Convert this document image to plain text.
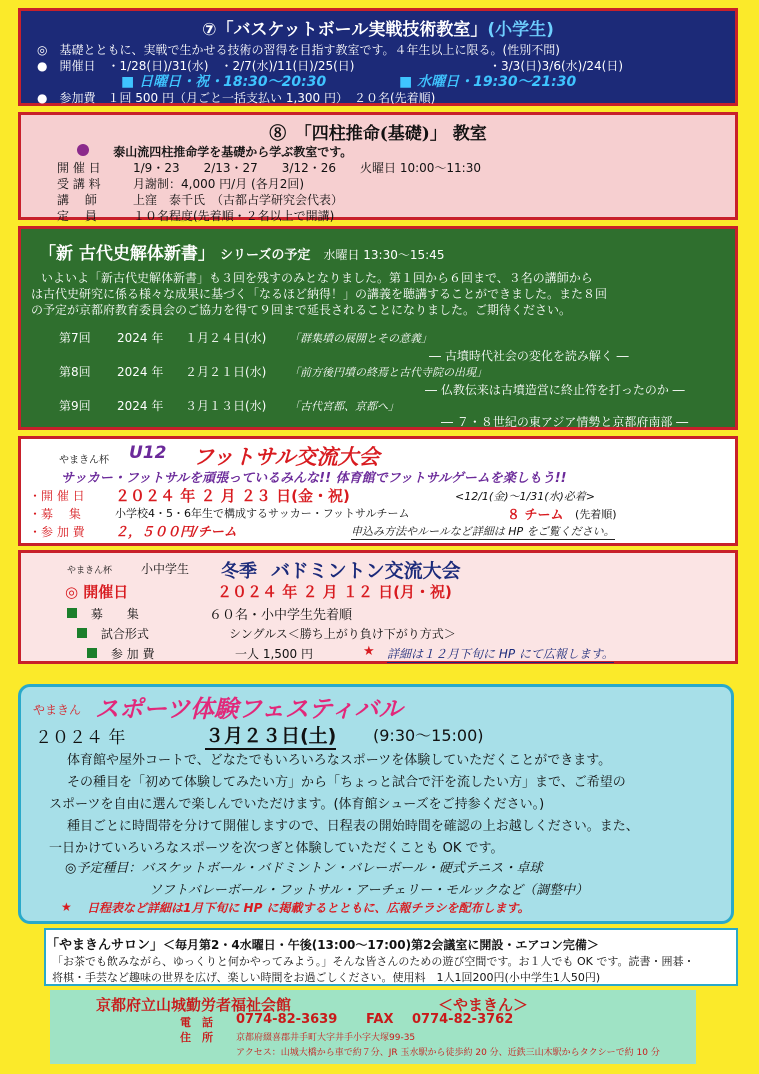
⑦「バスケットボール実戦技術教室」(小学生)
◎　基礎とともに、実戦で生かせる技術の習得を目指す教室です。４年生以上に限る。(性別不問)
●　開催日　・1/28(日)/31(水)　・2/7(水)/11(日)/25(日)	・3/3(日)3/6(水)/24(日)
■ 日曜日・祝・18:30～20:30	■ 水曜日・19:30～21:30
●　参加費　１回 500 円（月ごと一括支払い 1,300 円）　２０名(先着順)
⑧　「四柱推命(基礎)」 教室
泰山流四柱推命学を基礎から学ぶ教室です。
開 催 日	1/9・23　　2/13・27　　3/12・26　　火曜日 10:00～11:30
受 講 料	月謝制：4,000 円/月 (各月2回)
講　 師	上窪　泰千氏　（古都占学研究会代表）
定　 員	１０名程度(先着順・２名以上で開講)
「新 古代史解体新書」 シリーズの予定 水曜日 13:30～15:45
いよいよ「新古代史解体新書」も３回を残すのみとなりました。第１回から６回まで、３名の講師から
は古代史研究に係る様々な成果に基づく「なるほど納得！」の講義を聴講することができました。また８回
の予定が京都府教育委員会のご協力を得て９回まで延長されることになりました。ご期待ください。
第7回 2024 年 １月２４日(水) 「群集墳の展開とその意義」
― 古墳時代社会の変化を読み解く ―
第8回 2024 年 ２月２１日(水) 「前方後円墳の終焉と古代寺院の出現」
― 仏教伝来は古墳造営に終止符を打ったのか ―
第9回 2024 年 ３月１３日(水) 「古代宮都、京都へ」
― ７・８世紀の東アジア情勢と京都府南部 ―
やまきん杯 U12 フットサル交流大会
サッカー・フットサルを頑張っているみんな!! 体育館でフットサルゲームを楽しもう!!
・開 催 日 ２０２４ 年 ２ 月 ２３ 日(金・祝)	<12/1(金)～1/31(水)必着>
・募　 集	小学校4・5・6年生で構成するサッカー・フットサルチーム	８ チーム (先着順)
・参 加 費 ２，５００円/チーム	申込み方法やルールなど詳細は HP をご覧ください。
やまきん杯 小中学生 冬季 バドミントン交流大会
◎ 開催日	２０２４ 年 ２ 月 １２ 日(月・祝)
募　　集	６０名・小中学生先着順
試合形式	シングルス＜勝ち上がり負け下がり方式＞
参 加 費	一人 1,500 円	★ 詳細は１２月下旬に HP にて広報します。
やまきん スポーツ体験フェスティバル
２０２４ 年	３月２３日(土) (9:30～15:00)
体育館や屋外コートで、どなたでもいろいろなスポーツを体験していただくことができます。
その種目を「初めて体験してみたい方」から「ちょっと試合で汗を流したい方」まで、ご希望の
スポーツを自由に選んで楽しんでいただけます。(体育館シューズをご持参ください。)
種目ごとに時間帯を分けて開催しますので、日程表の開始時間を確認の上お越しください。また、
一日かけていろいろなスポーツを次つぎと体験していただくことも OK です。
◎予定種目：バスケットボール・バドミントン・バレーボール・硬式テニス・卓球
ソフトバレーボール・フットサル・アーチェリー・モルックなど（調整中）
★ 日程表など詳細は1月下旬に HP に掲載するとともに、広報チラシを配布します。
「やまきんサロン」＜毎月第2・4水曜日・午後(13:00～17:00)第2会議室に開設・エアコン完備＞
「お茶でも飲みながら、ゆっくりと何かやってみよう。」そんな皆さんのための遊び空間です。お１人でも OK です。読書・囲碁・
将棋・手芸など趣味の世界を広げ、楽しい時間をお過ごしください。使用料　1人1回200円(小中学生1人50円)
京都府立山城勤労者福祉会館	＜やまきん＞
電　話 0774-82-3639 FAX 0774-82-3762
住　所	京都府綴喜郡井手町大字井手小字大塚99-35
アクセス：山城大橋から車で約７分、JR 玉水駅から徒歩約 20 分、近鉄三山木駅からタクシーで約 10 分
